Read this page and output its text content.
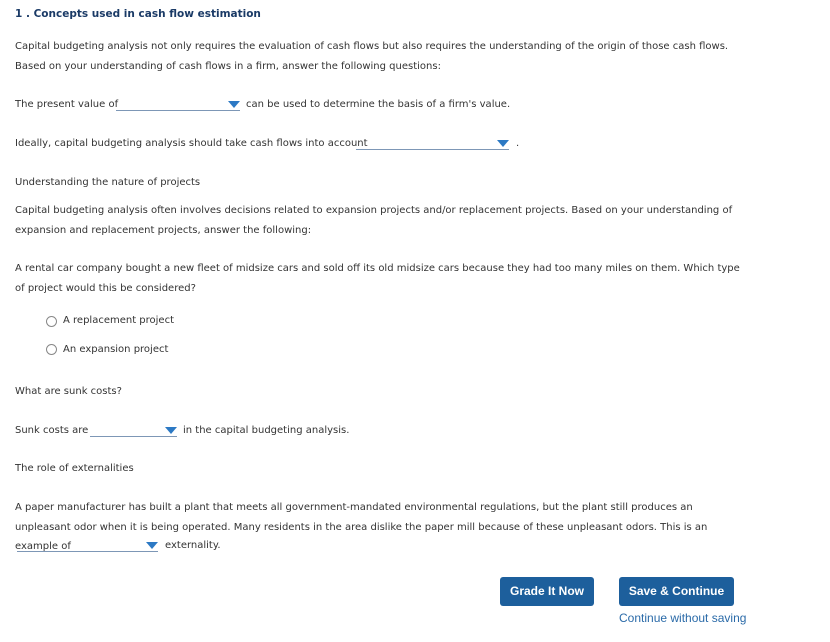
1 . Concepts used in cash flow estimation
Capital budgeting analysis not only requires the evaluation of cash flows but also requires the understanding of the origin of those cash flows. Based on your understanding of cash flows in a firm, answer the following questions:
The present value of	can be used to determine the basis of a firm's value.
Ideally, capital budgeting analysis should take cash flows into account	.
Understanding the nature of projects
Capital budgeting analysis often involves decisions related to expansion projects and/or replacement projects. Based on your understanding of expansion and replacement projects, answer the following:
A rental car company bought a new fleet of midsize cars and sold off its old midsize cars because they had too many miles on them. Which type of project would this be considered?
A replacement project
An expansion project
What are sunk costs?
Sunk costs are	in the capital budgeting analysis.
The role of externalities
A paper manufacturer has built a plant that meets all government-mandated environmental regulations, but the plant still produces an unpleasant odor when it is being operated. Many residents in the area dislike the paper mill because of these unpleasant odors. This is an example of	externality.
Grade It Now	Save & Continue
Continue without saving
